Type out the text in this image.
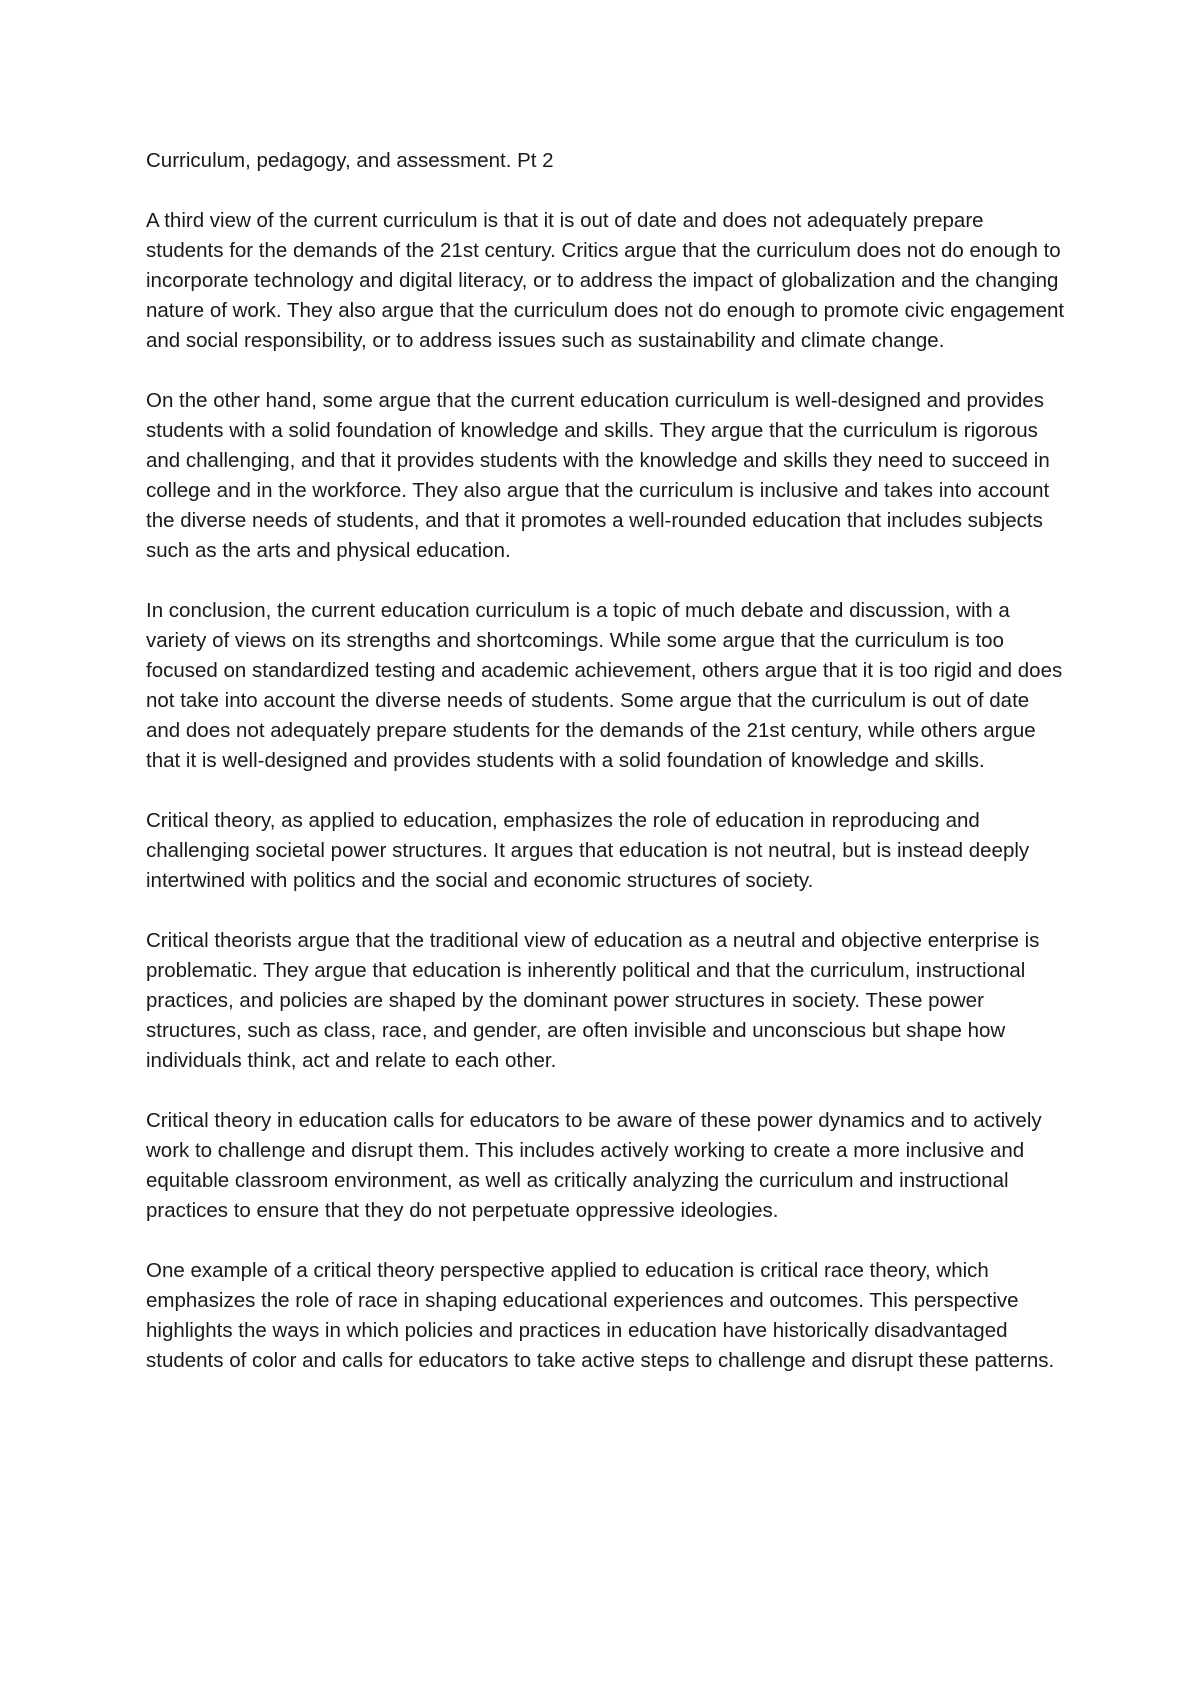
Curriculum, pedagogy, and assessment. Pt 2

A third view of the current curriculum is that it is out of date and does not adequately prepare students for the demands of the 21st century. Critics argue that the curriculum does not do enough to incorporate technology and digital literacy, or to address the impact of globalization and the changing nature of work. They also argue that the curriculum does not do enough to promote civic engagement and social responsibility, or to address issues such as sustainability and climate change.

On the other hand, some argue that the current education curriculum is well-designed and provides students with a solid foundation of knowledge and skills. They argue that the curriculum is rigorous and challenging, and that it provides students with the knowledge and skills they need to succeed in college and in the workforce. They also argue that the curriculum is inclusive and takes into account the diverse needs of students, and that it promotes a well-rounded education that includes subjects such as the arts and physical education.

In conclusion, the current education curriculum is a topic of much debate and discussion, with a variety of views on its strengths and shortcomings. While some argue that the curriculum is too focused on standardized testing and academic achievement, others argue that it is too rigid and does not take into account the diverse needs of students. Some argue that the curriculum is out of date and does not adequately prepare students for the demands of the 21st century, while others argue that it is well-designed and provides students with a solid foundation of knowledge and skills.

Critical theory, as applied to education, emphasizes the role of education in reproducing and challenging societal power structures. It argues that education is not neutral, but is instead deeply intertwined with politics and the social and economic structures of society.

Critical theorists argue that the traditional view of education as a neutral and objective enterprise is problematic. They argue that education is inherently political and that the curriculum, instructional practices, and policies are shaped by the dominant power structures in society. These power structures, such as class, race, and gender, are often invisible and unconscious but shape how individuals think, act and relate to each other.

Critical theory in education calls for educators to be aware of these power dynamics and to actively work to challenge and disrupt them. This includes actively working to create a more inclusive and equitable classroom environment, as well as critically analyzing the curriculum and instructional practices to ensure that they do not perpetuate oppressive ideologies.

One example of a critical theory perspective applied to education is critical race theory, which emphasizes the role of race in shaping educational experiences and outcomes. This perspective highlights the ways in which policies and practices in education have historically disadvantaged students of color and calls for educators to take active steps to challenge and disrupt these patterns.
